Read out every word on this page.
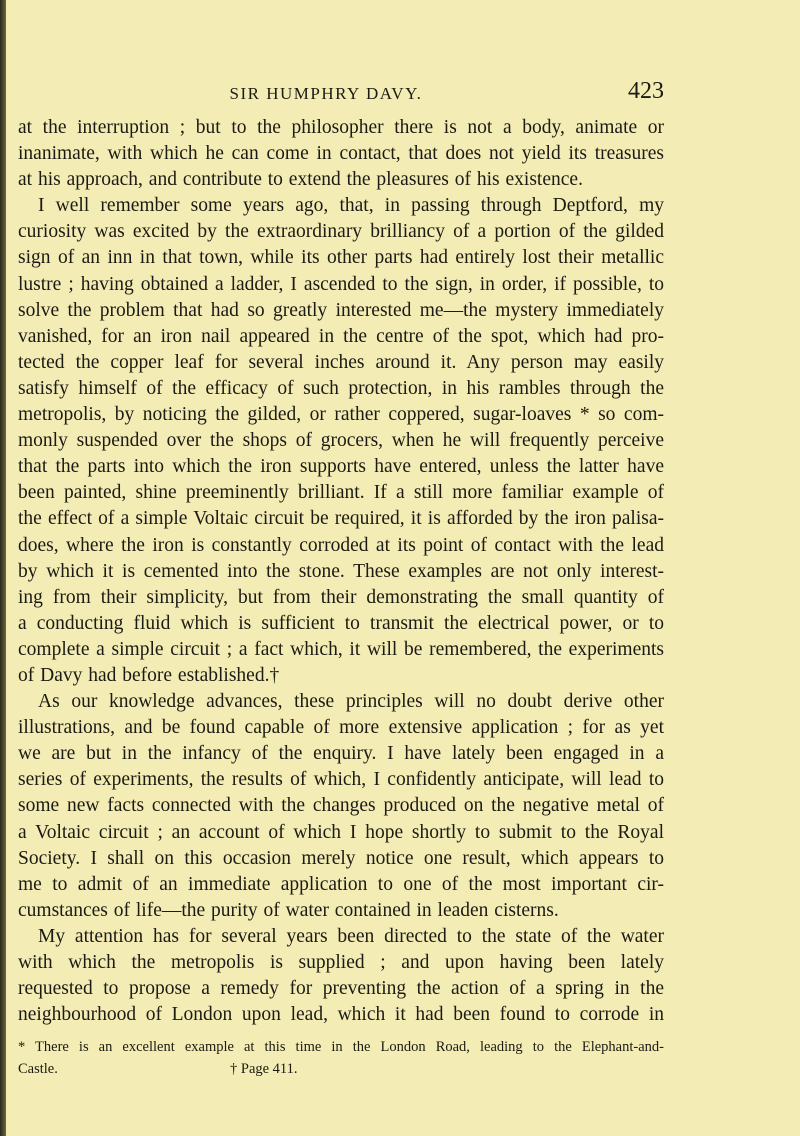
SIR HUMPHRY DAVY.	423
at the interruption ; but to the philosopher there is not a body, animate or
inanimate, with which he can come in contact, that does not yield its treasures
at his approach, and contribute to extend the pleasures of his existence.
I well remember some years ago, that, in passing through Deptford, my
curiosity was excited by the extraordinary brilliancy of a portion of the gilded
sign of an inn in that town, while its other parts had entirely lost their metallic
lustre ; having obtained a ladder, I ascended to the sign, in order, if possible, to
solve the problem that had so greatly interested me—the mystery immediately
vanished, for an iron nail appeared in the centre of the spot, which had pro-
tected the copper leaf for several inches around it. Any person may easily
satisfy himself of the efficacy of such protection, in his rambles through the
metropolis, by noticing the gilded, or rather coppered, sugar-loaves * so com-
monly suspended over the shops of grocers, when he will frequently perceive
that the parts into which the iron supports have entered, unless the latter have
been painted, shine preeminently brilliant. If a still more familiar example of
the effect of a simple Voltaic circuit be required, it is afforded by the iron palisa-
does, where the iron is constantly corroded at its point of contact with the lead
by which it is cemented into the stone. These examples are not only interest-
ing from their simplicity, but from their demonstrating the small quantity of
a conducting fluid which is sufficient to transmit the electrical power, or to
complete a simple circuit ; a fact which, it will be remembered, the experiments
of Davy had before established.†
As our knowledge advances, these principles will no doubt derive other
illustrations, and be found capable of more extensive application ; for as yet
we are but in the infancy of the enquiry. I have lately been engaged in a
series of experiments, the results of which, I confidently anticipate, will lead to
some new facts connected with the changes produced on the negative metal of
a Voltaic circuit ; an account of which I hope shortly to submit to the Royal
Society. I shall on this occasion merely notice one result, which appears to
me to admit of an immediate application to one of the most important cir-
cumstances of life—the purity of water contained in leaden cisterns.
My attention has for several years been directed to the state of the water
with which the metropolis is supplied ; and upon having been lately
requested to propose a remedy for preventing the action of a spring in the
neighbourhood of London upon lead, which it had been found to corrode in
* There is an excellent example at this time in the London Road, leading to the Elephant-and-
Castle.	† Page 411.
